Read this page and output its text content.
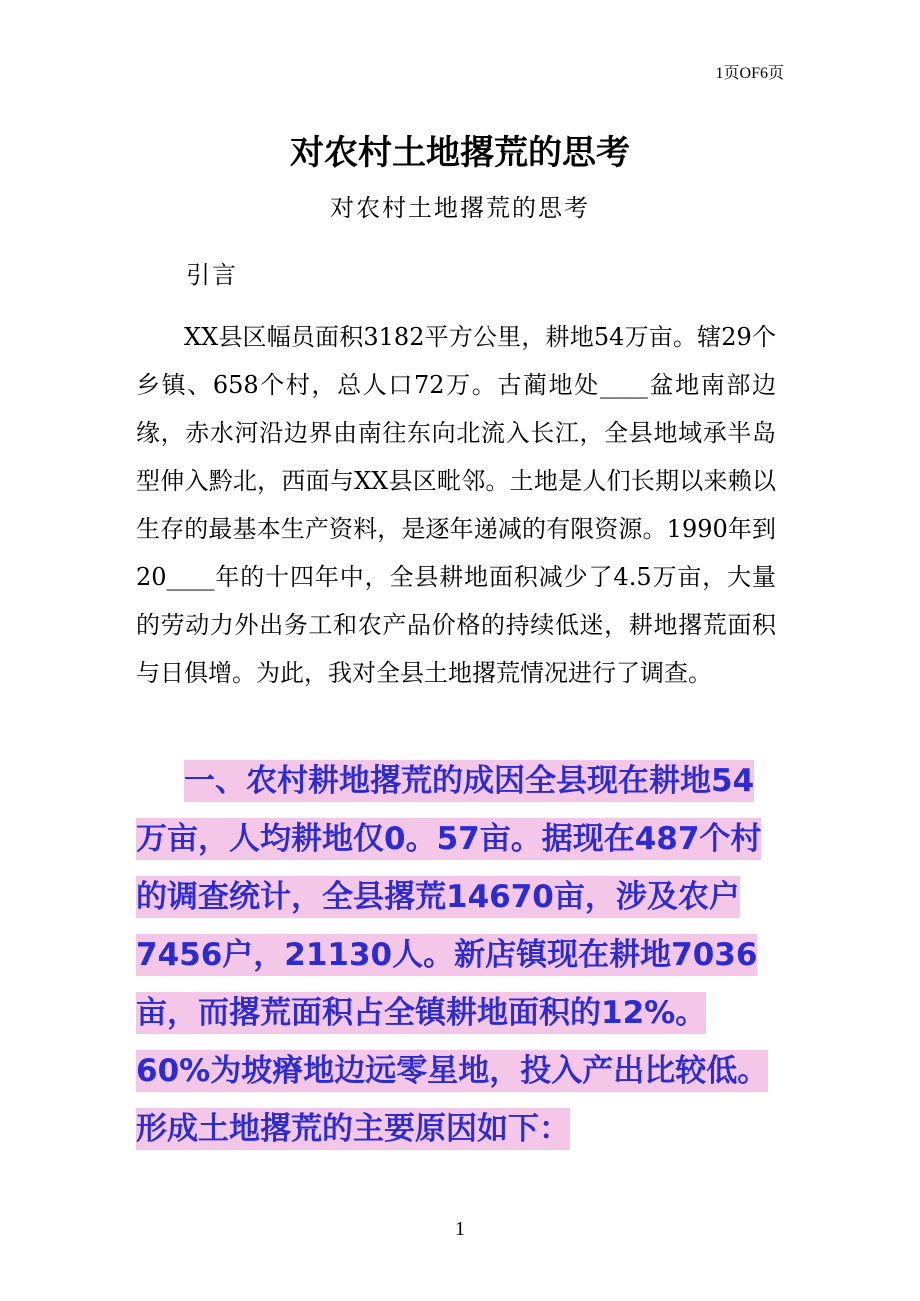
1页OF6页
对农村土地撂荒的思考
对农村土地撂荒的思考
引言
XX县区幅员面积3182平方公里，耕地54万亩。辖29个乡镇、658个村，总人口72万。古蔺地处____盆地南部边缘，赤水河沿边界由南往东向北流入长江，全县地域承半岛型伸入黔北，西面与XX县区毗邻。土地是人们长期以来赖以生存的最基本生产资料，是逐年递减的有限资源。1990年到20____年的十四年中，全县耕地面积减少了4.5万亩，大量的劳动力外出务工和农产品价格的持续低迷，耕地撂荒面积与日俱增。为此，我对全县土地撂荒情况进行了调查。
一、农村耕地撂荒的成因全县现在耕地54万亩，人均耕地仅0。57亩。据现在487个村的调查统计，全县撂荒14670亩，涉及农户7456户，21130人。新店镇现在耕地7036亩，而撂荒面积占全镇耕地面积的12%。60%为坡瘠地边远零星地，投入产出比较低。形成土地撂荒的主要原因如下：
1
